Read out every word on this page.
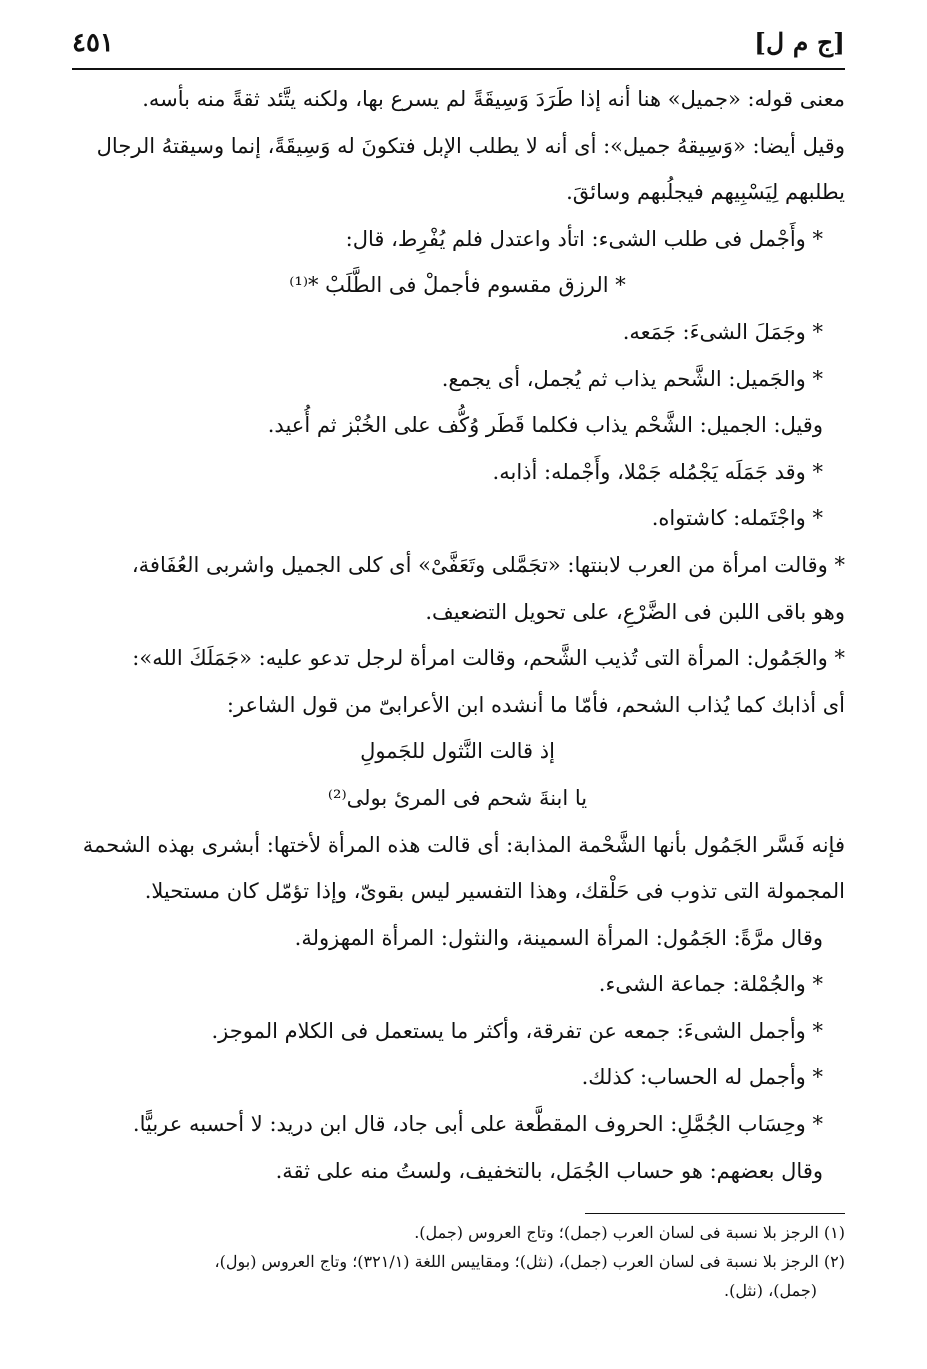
[ج م ل]
٤٥١

معنى قوله: «جميل» هنا أنه إذا طَرَدَ وَسِيقَةً لم يسرع بها، ولكنه يتَّئد ثقةً منه بأسه.

وقيل أيضا: «وَسِيقهُ جميل»: أى أنه لا يطلب الإبل فتكونَ له وَسِيقَةً، إنما وسيقتهُ الرجال

يطلبهم لِيَسْبِيهم فيجلُبهم وسائقَ.

* وأَجْمل فى طلب الشىء: اتأد واعتدل فلم يُفْرِط، قال:

* الرزق مقسوم فأجملْ فى الطَّلَبْ *⁽¹⁾

* وجَمَلَ الشىءَ: جَمَعه.

* والجَميل: الشَّحم يذاب ثم يُجمل، أى يجمع.

وقيل: الجميل: الشَّحْم يذاب فكلما قَطَر وُكُّف على الخُبْز ثم أُعيد.

* وقد جَمَلَه يَجْمُله جَمْلا، وأَجْمله: أذابه.

* واجْتَمله: كاشتواه.

* وقالت امرأة من العرب لابنتها: «تجَمَّلى وتَعَفَّىْ» أى كلى الجميل واشربى العُفَافة،

وهو باقى اللبن فى الضَّرْعِ، على تحويل التضعيف.

* والجَمُول: المرأة التى تُذيب الشَّحم، وقالت امرأة لرجل تدعو عليه: «جَمَلَكَ الله»:

أى أذابك كما يُذاب الشحم، فأمّا ما أنشده ابن الأعرابىّ من قول الشاعر:

إذ قالت النَّثول للجَمولِ

يا ابنةَ شحم فى المرئ بولى⁽²⁾

فإنه فَسَّر الجَمُول بأنها الشَّحْمة المذابة: أى قالت هذه المرأة لأختها: أبشرى بهذه الشحمة

المجمولة التى تذوب فى حَلْقك، وهذا التفسير ليس بقوىّ، وإذا تؤمّل كان مستحيلا.

وقال مرَّةً: الجَمُول: المرأة السمينة، والنثول: المرأة المهزولة.

* والجُمْلة: جماعة الشىء.

* وأجمل الشىءَ: جمعه عن تفرقة، وأكثر ما يستعمل فى الكلام الموجز.

* وأجمل له الحساب: كذلك.

* وحِسَاب الجُمَّلِ: الحروف المقطَّعة على أبى جاد، قال ابن دريد: لا أحسبه عربيًّا.

وقال بعضهم: هو حساب الجُمَل، بالتخفيف، ولستُ منه على ثقة.

(١) الرجز بلا نسبة فى لسان العرب (جمل)؛ وتاج العروس (جمل).

(٢) الرجز بلا نسبة فى لسان العرب (جمل)، (نثل)؛ ومقاييس اللغة (٣٢١/١)؛ وتاج العروس (بول)،

(جمل)، (نثل).
